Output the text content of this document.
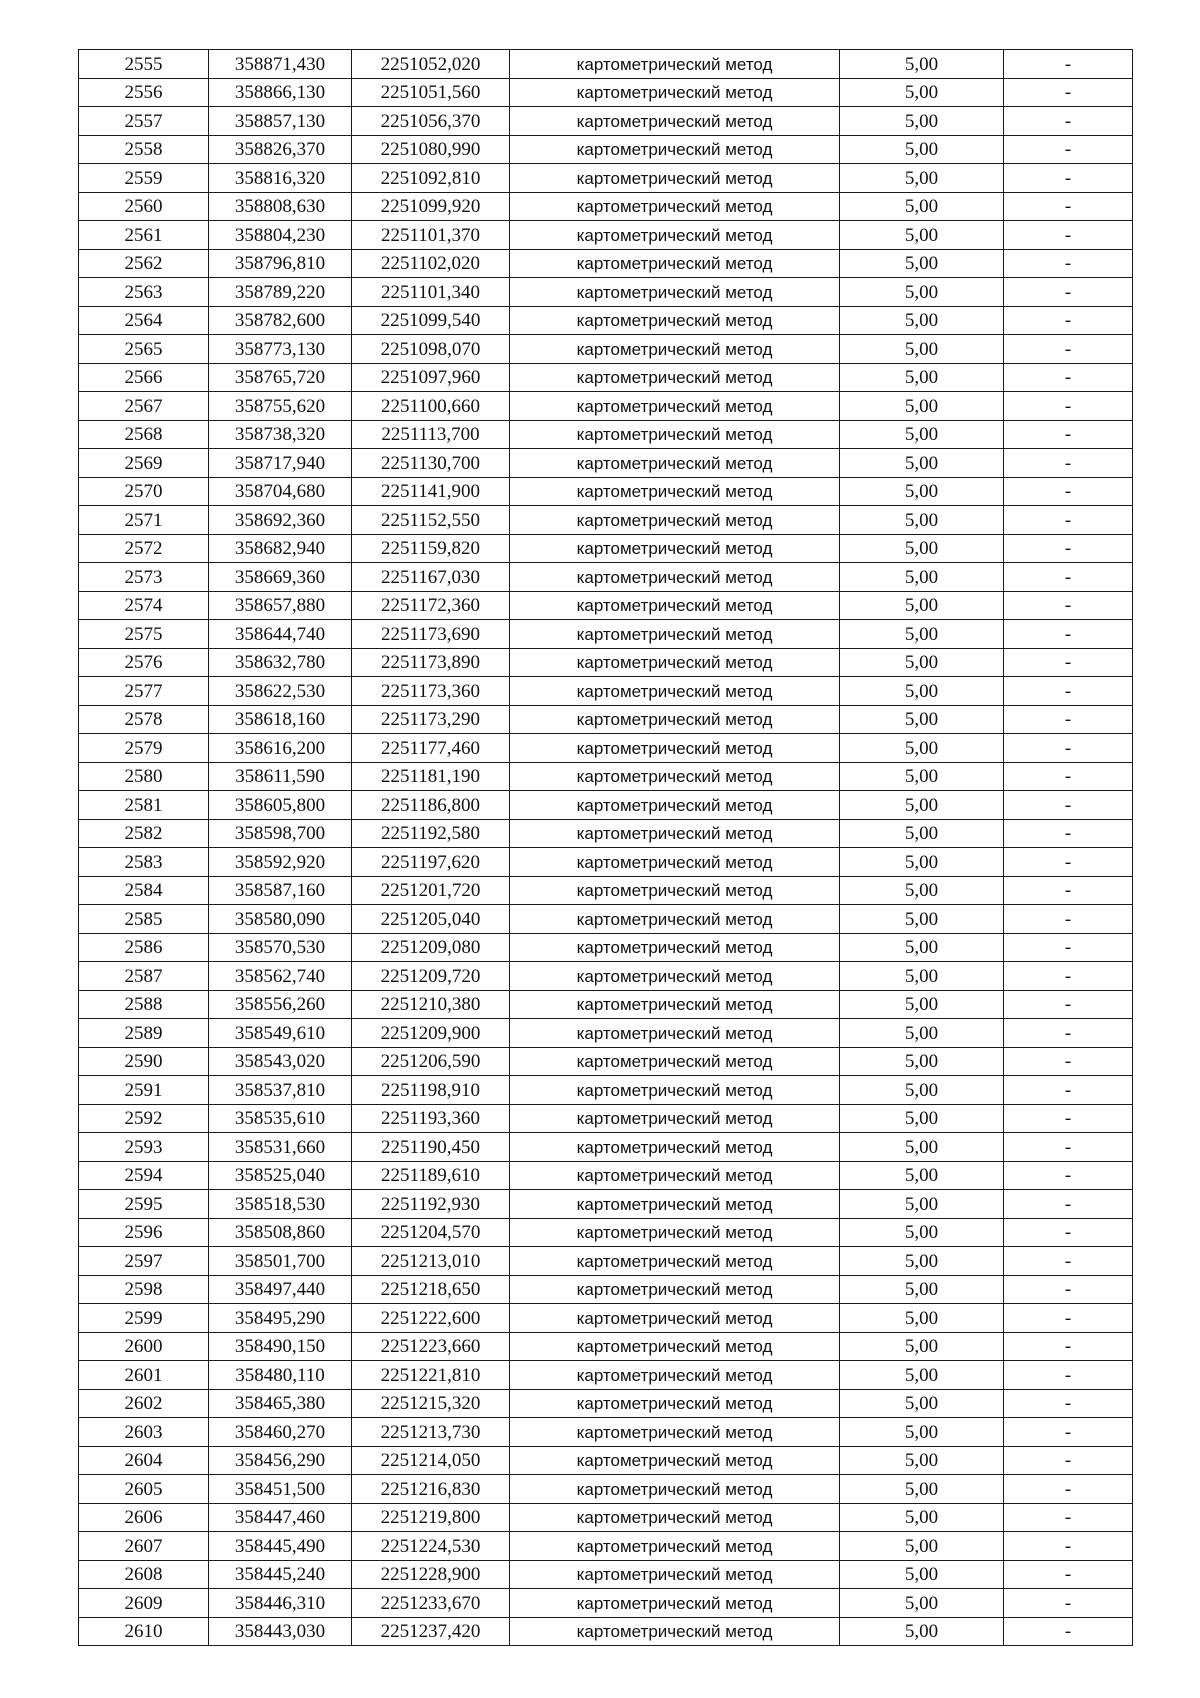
2555	358871,430	2251052,020	картометрический метод	5,00	-
2556	358866,130	2251051,560	картометрический метод	5,00	-
2557	358857,130	2251056,370	картометрический метод	5,00	-
2558	358826,370	2251080,990	картометрический метод	5,00	-
2559	358816,320	2251092,810	картометрический метод	5,00	-
2560	358808,630	2251099,920	картометрический метод	5,00	-
2561	358804,230	2251101,370	картометрический метод	5,00	-
2562	358796,810	2251102,020	картометрический метод	5,00	-
2563	358789,220	2251101,340	картометрический метод	5,00	-
2564	358782,600	2251099,540	картометрический метод	5,00	-
2565	358773,130	2251098,070	картометрический метод	5,00	-
2566	358765,720	2251097,960	картометрический метод	5,00	-
2567	358755,620	2251100,660	картометрический метод	5,00	-
2568	358738,320	2251113,700	картометрический метод	5,00	-
2569	358717,940	2251130,700	картометрический метод	5,00	-
2570	358704,680	2251141,900	картометрический метод	5,00	-
2571	358692,360	2251152,550	картометрический метод	5,00	-
2572	358682,940	2251159,820	картометрический метод	5,00	-
2573	358669,360	2251167,030	картометрический метод	5,00	-
2574	358657,880	2251172,360	картометрический метод	5,00	-
2575	358644,740	2251173,690	картометрический метод	5,00	-
2576	358632,780	2251173,890	картометрический метод	5,00	-
2577	358622,530	2251173,360	картометрический метод	5,00	-
2578	358618,160	2251173,290	картометрический метод	5,00	-
2579	358616,200	2251177,460	картометрический метод	5,00	-
2580	358611,590	2251181,190	картометрический метод	5,00	-
2581	358605,800	2251186,800	картометрический метод	5,00	-
2582	358598,700	2251192,580	картометрический метод	5,00	-
2583	358592,920	2251197,620	картометрический метод	5,00	-
2584	358587,160	2251201,720	картометрический метод	5,00	-
2585	358580,090	2251205,040	картометрический метод	5,00	-
2586	358570,530	2251209,080	картометрический метод	5,00	-
2587	358562,740	2251209,720	картометрический метод	5,00	-
2588	358556,260	2251210,380	картометрический метод	5,00	-
2589	358549,610	2251209,900	картометрический метод	5,00	-
2590	358543,020	2251206,590	картометрический метод	5,00	-
2591	358537,810	2251198,910	картометрический метод	5,00	-
2592	358535,610	2251193,360	картометрический метод	5,00	-
2593	358531,660	2251190,450	картометрический метод	5,00	-
2594	358525,040	2251189,610	картометрический метод	5,00	-
2595	358518,530	2251192,930	картометрический метод	5,00	-
2596	358508,860	2251204,570	картометрический метод	5,00	-
2597	358501,700	2251213,010	картометрический метод	5,00	-
2598	358497,440	2251218,650	картометрический метод	5,00	-
2599	358495,290	2251222,600	картометрический метод	5,00	-
2600	358490,150	2251223,660	картометрический метод	5,00	-
2601	358480,110	2251221,810	картометрический метод	5,00	-
2602	358465,380	2251215,320	картометрический метод	5,00	-
2603	358460,270	2251213,730	картометрический метод	5,00	-
2604	358456,290	2251214,050	картометрический метод	5,00	-
2605	358451,500	2251216,830	картометрический метод	5,00	-
2606	358447,460	2251219,800	картометрический метод	5,00	-
2607	358445,490	2251224,530	картометрический метод	5,00	-
2608	358445,240	2251228,900	картометрический метод	5,00	-
2609	358446,310	2251233,670	картометрический метод	5,00	-
2610	358443,030	2251237,420	картометрический метод	5,00	-
